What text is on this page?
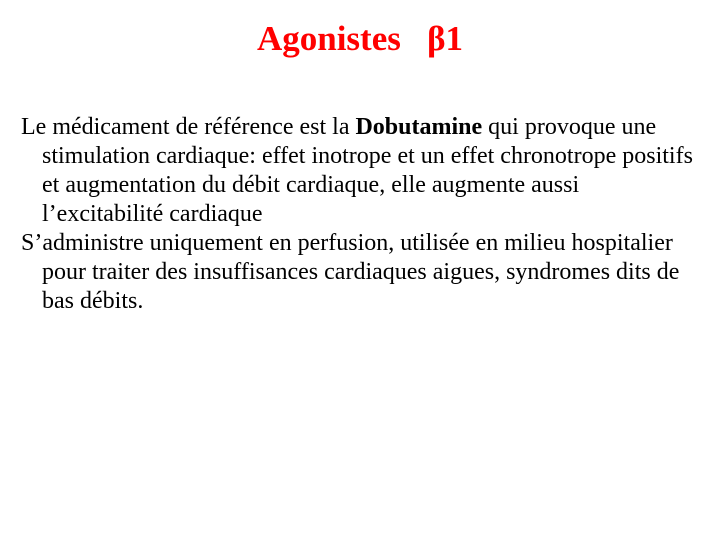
Agonistes   β1

Le médicament de référence est la Dobutamine qui provoque une stimulation cardiaque: effet inotrope et un effet chronotrope positifs et augmentation du débit cardiaque, elle augmente aussi l’excitabilité cardiaque

S’administre uniquement en perfusion, utilisée en milieu hospitalier pour traiter des insuffisances cardiaques aigues, syndromes dits de bas débits.
